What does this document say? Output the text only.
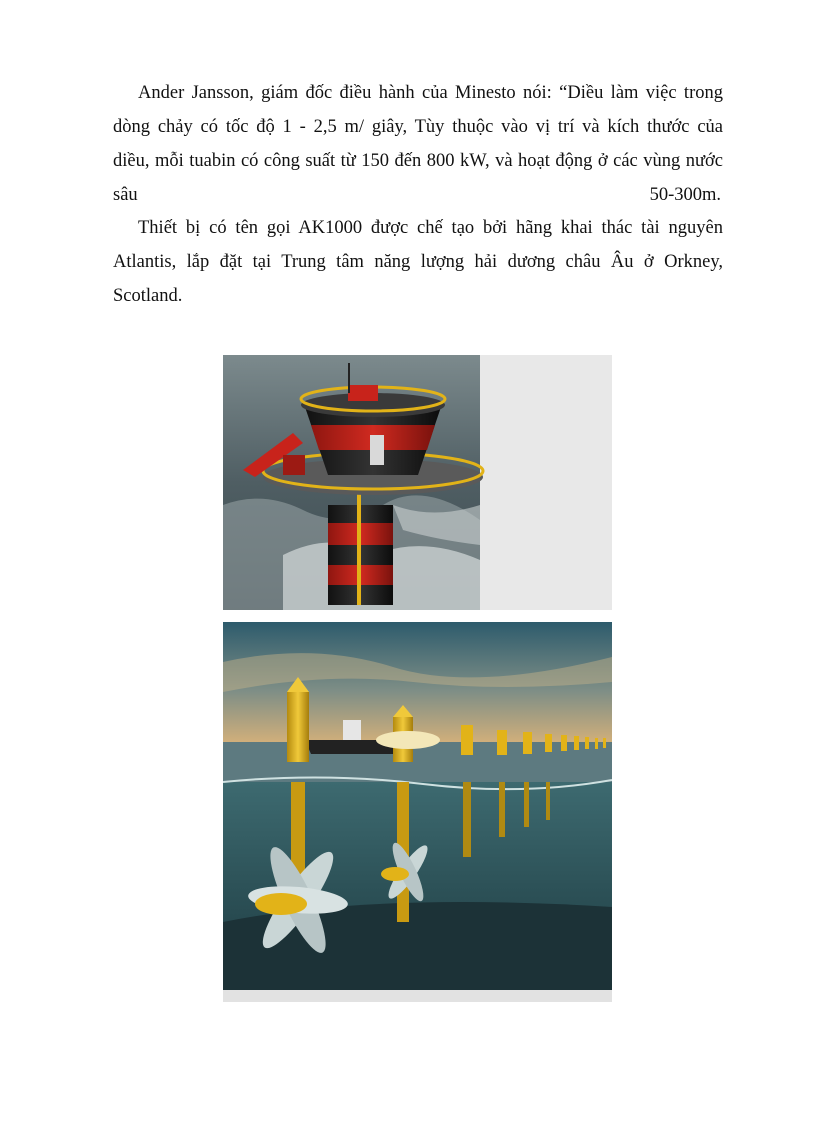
Ander Jansson, giám đốc điều hành của Minesto nói: “Diều làm việc trong
dòng chảy có tốc độ 1 - 2,5 m/ giây, Tùy thuộc vào vị trí và kích thước của
diều, mỗi tuabin có công suất từ 150 đến 800 kW, và hoạt động ở các vùng nước
sâu	50-300m.
Thiết bị có tên gọi AK1000 được chế tạo bởi hãng khai thác tài nguyên
Atlantis, lắp đặt tại Trung tâm năng lượng hải dương châu Âu ở Orkney,
Scotland.
